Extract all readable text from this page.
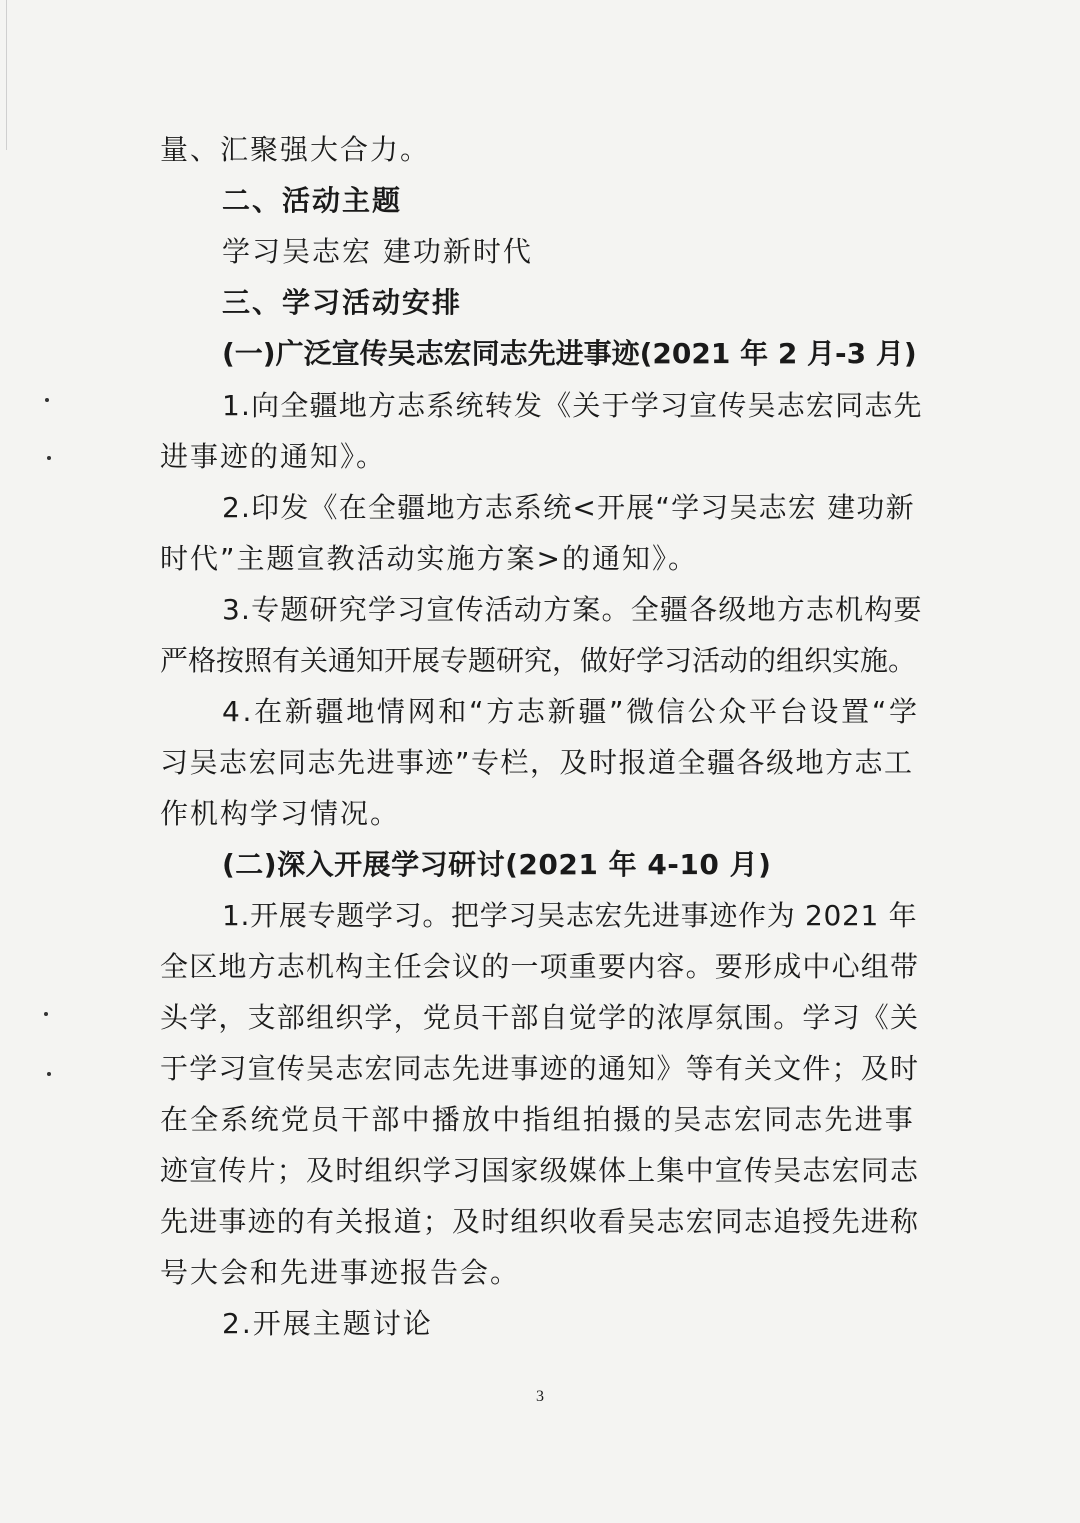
量、汇聚强大合力。
二、活动主题
学习吴志宏 建功新时代
三、学习活动安排
(一)广泛宣传吴志宏同志先进事迹(2021 年 2 月-3 月)
1.向全疆地方志系统转发《关于学习宣传吴志宏同志先
进事迹的通知》。
2.印发《在全疆地方志系统<开展“学习吴志宏 建功新
时代”主题宣教活动实施方案>的通知》。
3.专题研究学习宣传活动方案。全疆各级地方志机构要
严格按照有关通知开展专题研究，做好学习活动的组织实施。
4.在新疆地情网和“方志新疆”微信公众平台设置“学
习吴志宏同志先进事迹”专栏，及时报道全疆各级地方志工
作机构学习情况。
(二)深入开展学习研讨(2021 年 4-10 月)
1.开展专题学习。把学习吴志宏先进事迹作为 2021 年
全区地方志机构主任会议的一项重要内容。要形成中心组带
头学，支部组织学，党员干部自觉学的浓厚氛围。学习《关
于学习宣传吴志宏同志先进事迹的通知》等有关文件；及时
在全系统党员干部中播放中指组拍摄的吴志宏同志先进事
迹宣传片；及时组织学习国家级媒体上集中宣传吴志宏同志
先进事迹的有关报道；及时组织收看吴志宏同志追授先进称
号大会和先进事迹报告会。
2.开展主题讨论
3
